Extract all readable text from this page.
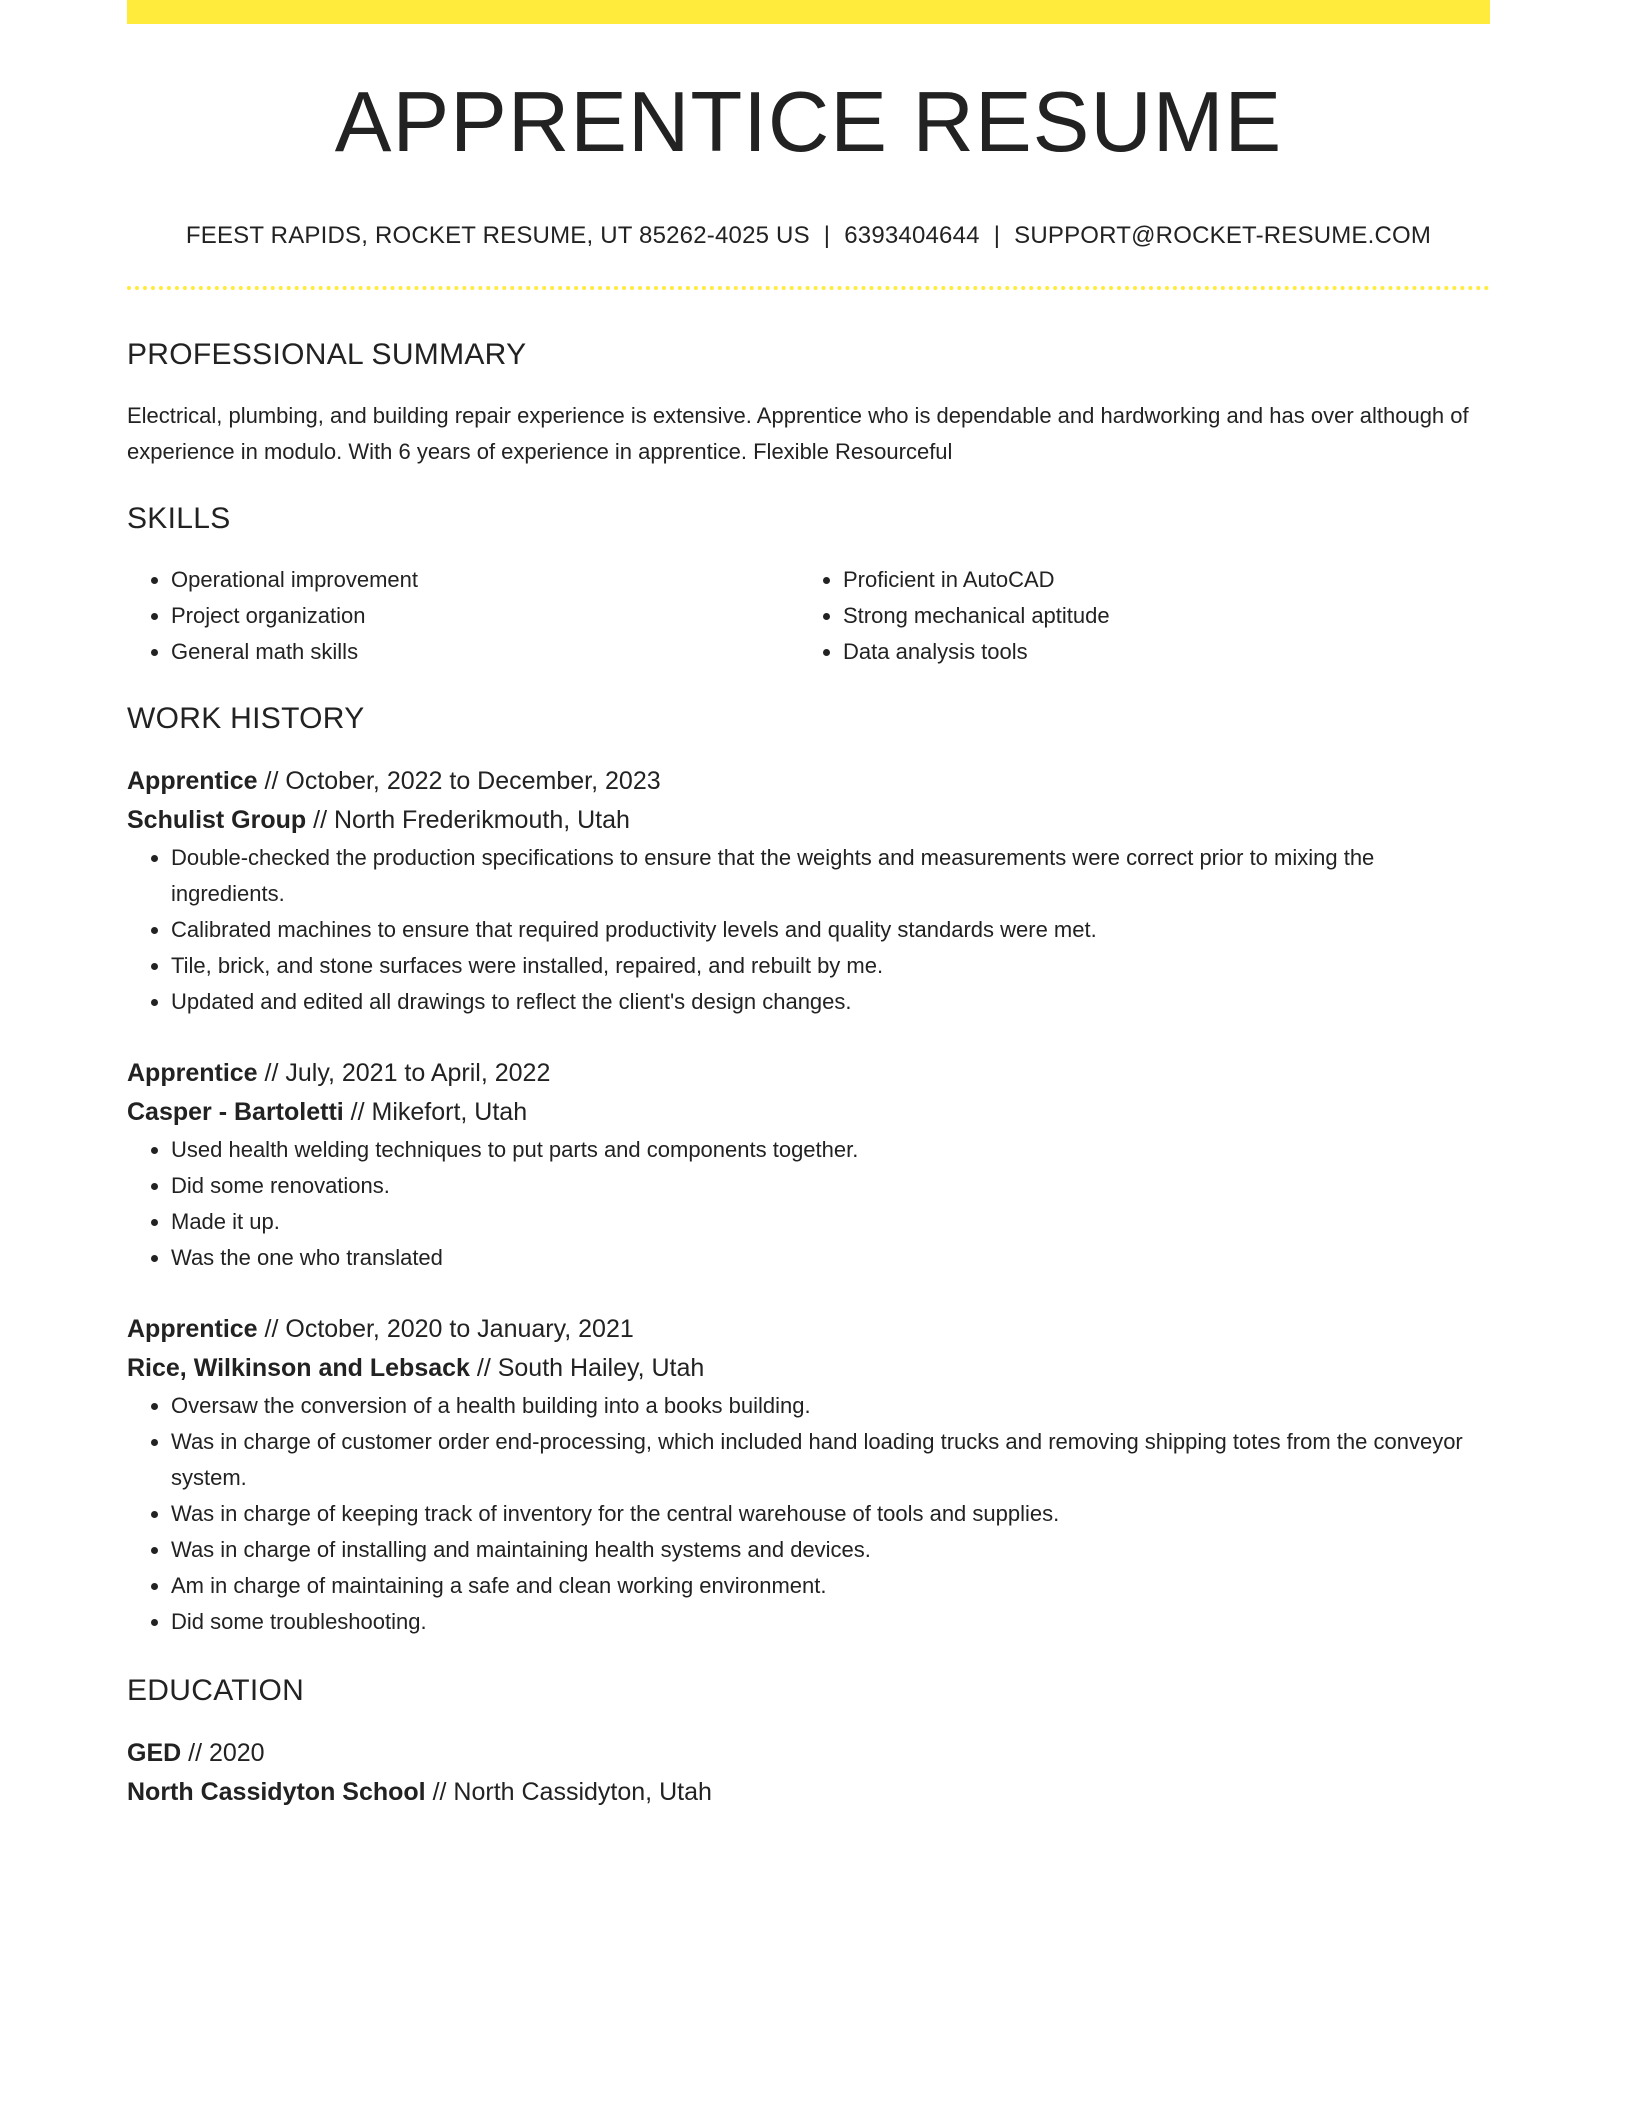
APPRENTICE RESUME
FEEST RAPIDS, ROCKET RESUME, UT 85262-4025 US | 6393404644 | SUPPORT@ROCKET-RESUME.COM
PROFESSIONAL SUMMARY
Electrical, plumbing, and building repair experience is extensive. Apprentice who is dependable and hardworking and has over although of experience in modulo. With 6 years of experience in apprentice. Flexible Resourceful
SKILLS
• Operational improvement
• Project organization
• General math skills
• Proficient in AutoCAD
• Strong mechanical aptitude
• Data analysis tools
WORK HISTORY
Apprentice // October, 2022 to December, 2023
Schulist Group // North Frederikmouth, Utah
• Double-checked the production specifications to ensure that the weights and measurements were correct prior to mixing the ingredients.
• Calibrated machines to ensure that required productivity levels and quality standards were met.
• Tile, brick, and stone surfaces were installed, repaired, and rebuilt by me.
• Updated and edited all drawings to reflect the client's design changes.
Apprentice // July, 2021 to April, 2022
Casper - Bartoletti // Mikefort, Utah
• Used health welding techniques to put parts and components together.
• Did some renovations.
• Made it up.
• Was the one who translated
Apprentice // October, 2020 to January, 2021
Rice, Wilkinson and Lebsack // South Hailey, Utah
• Oversaw the conversion of a health building into a books building.
• Was in charge of customer order end-processing, which included hand loading trucks and removing shipping totes from the conveyor system.
• Was in charge of keeping track of inventory for the central warehouse of tools and supplies.
• Was in charge of installing and maintaining health systems and devices.
• Am in charge of maintaining a safe and clean working environment.
• Did some troubleshooting.
EDUCATION
GED // 2020
North Cassidyton School // North Cassidyton, Utah
